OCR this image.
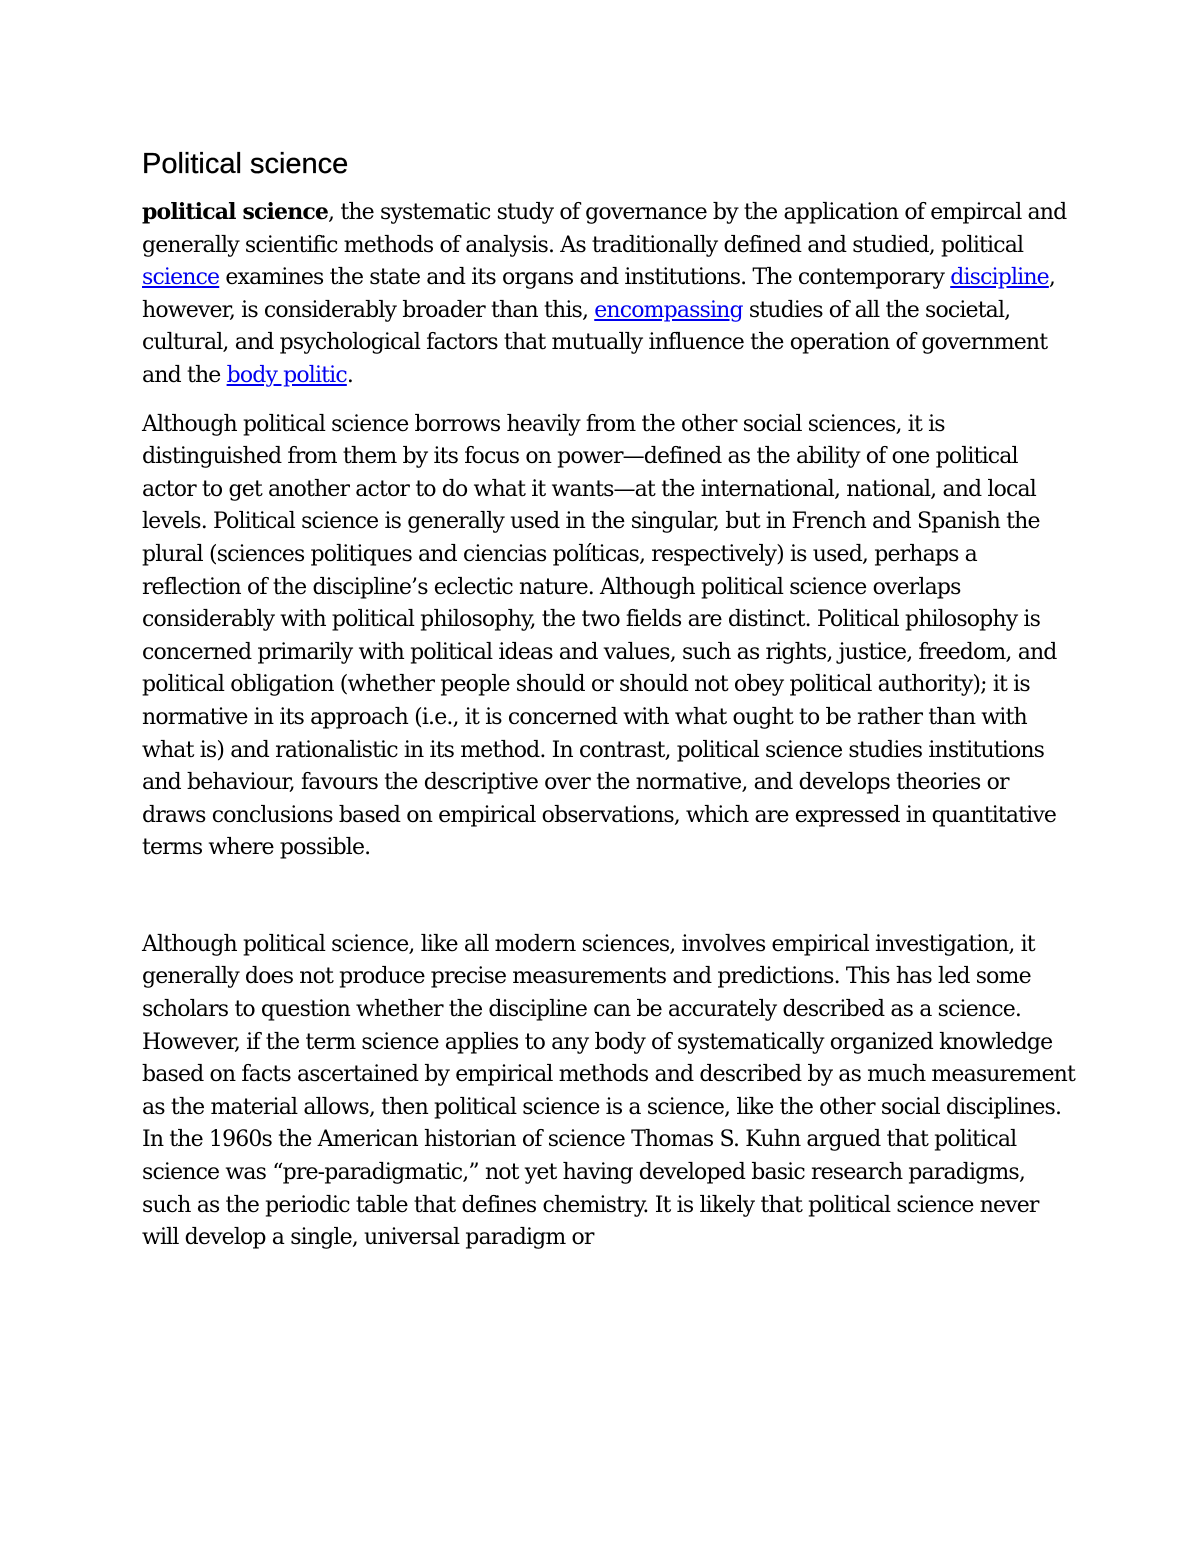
Political science

political science, the systematic study of governance by the application of empircal and generally scientific methods of analysis. As traditionally defined and studied, political science examines the state and its organs and institutions. The contemporary discipline, however, is considerably broader than this, encompassing studies of all the societal, cultural, and psychological factors that mutually influence the operation of government and the body politic.

Although political science borrows heavily from the other social sciences, it is distinguished from them by its focus on power—defined as the ability of one political actor to get another actor to do what it wants—at the international, national, and local levels. Political science is generally used in the singular, but in French and Spanish the plural (sciences politiques and ciencias políticas, respectively) is used, perhaps a reflection of the discipline’s eclectic nature. Although political science overlaps considerably with political philosophy, the two fields are distinct. Political philosophy is concerned primarily with political ideas and values, such as rights, justice, freedom, and political obligation (whether people should or should not obey political authority); it is normative in its approach (i.e., it is concerned with what ought to be rather than with what is) and rationalistic in its method. In contrast, political science studies institutions and behaviour, favours the descriptive over the normative, and develops theories or draws conclusions based on empirical observations, which are expressed in quantitative terms where possible.

Although political science, like all modern sciences, involves empirical investigation, it generally does not produce precise measurements and predictions. This has led some scholars to question whether the discipline can be accurately described as a science. However, if the term science applies to any body of systematically organized knowledge based on facts ascertained by empirical methods and described by as much measurement as the material allows, then political science is a science, like the other social disciplines. In the 1960s the American historian of science Thomas S. Kuhn argued that political science was “pre-paradigmatic,” not yet having developed basic research paradigms, such as the periodic table that defines chemistry. It is likely that political science never will develop a single, universal paradigm or
